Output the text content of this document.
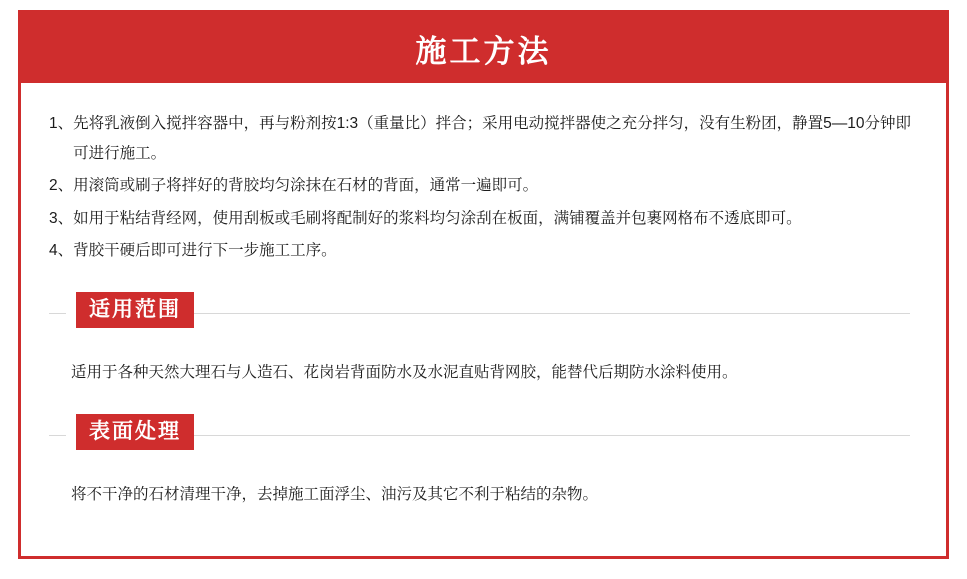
施工方法
1、 先将乳液倒入搅拌容器中，再与粉剂按1:3（重量比）拌合；采用电动搅拌器使之充分拌匀，没有生粉团，静置5—10分钟即可进行施工。
2、 用滚筒或刷子将拌好的背胶均匀涂抹在石材的背面，通常一遍即可。
3、 如用于粘结背经网，使用刮板或毛刷将配制好的浆料均匀涂刮在板面，满铺覆盖并包裹网格布不透底即可。
4、 背胶干硬后即可进行下一步施工工序。
适用范围
适用于各种天然大理石与人造石、花岗岩背面防水及水泥直贴背网胶，能替代后期防水涂料使用。
表面处理
将不干净的石材清理干净，去掉施工面浮尘、油污及其它不利于粘结的杂物。
